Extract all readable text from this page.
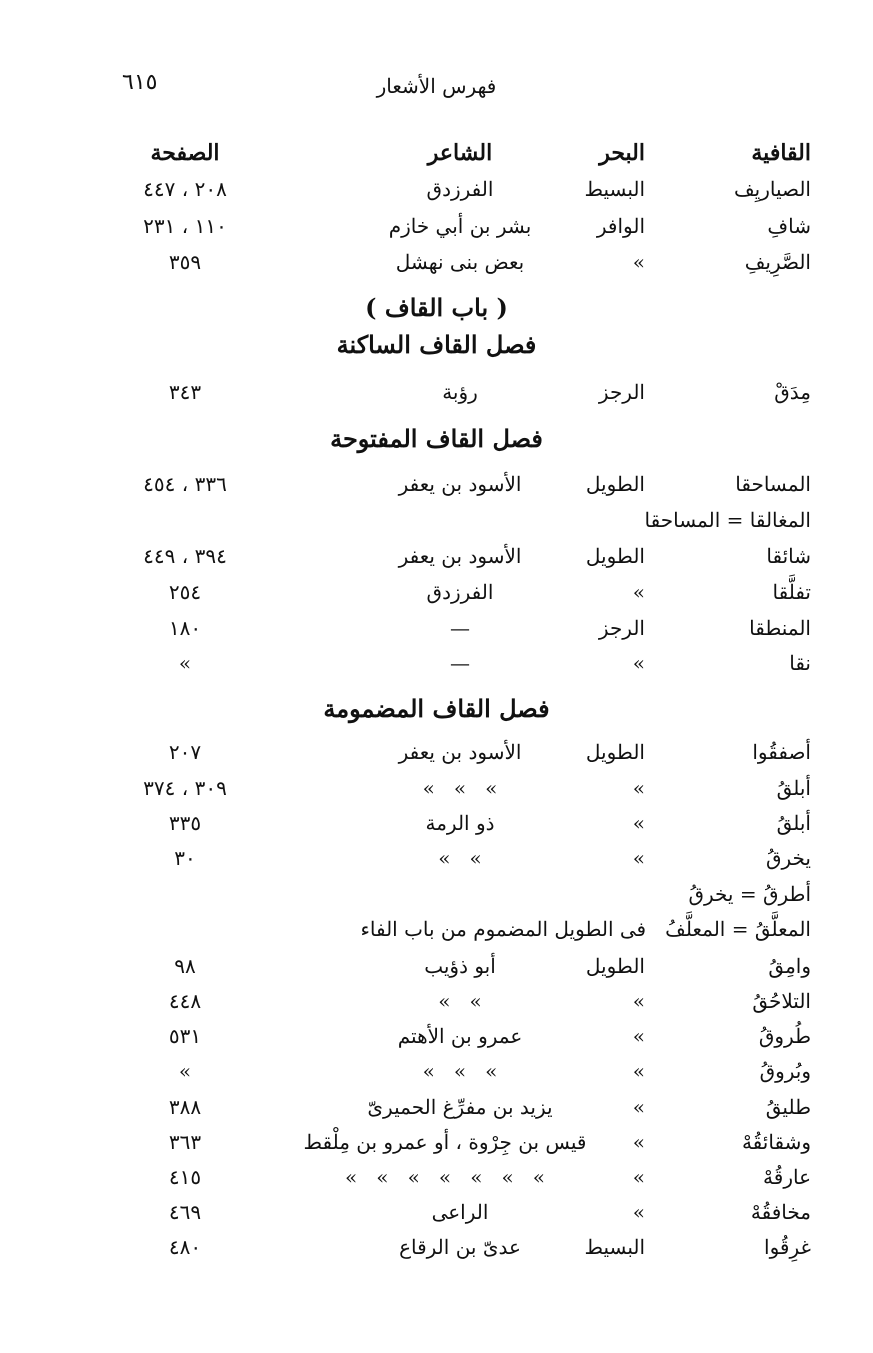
فهرس الأشعار
٦١٥
القافية
البحر
الشاعر
الصفحة
الصياريِف
البسيط
الفرزدق
٢٠٨ ، ٤٤٧
شافِ
الوافر
بشر بن أبي خازم
١١٠ ، ٢٣١
الصَّرِيفِ
»
بعض بنى نهشل
٣٥٩
( باب القاف )
فصل القاف الساكنة
مِدَقْ
الرجز
رؤبة
٣٤٣
فصل القاف المفتوحة
المساحقا
الطويل
الأسود بن يعفر
٣٣٦ ، ٤٥٤
المغالقا = المساحقا
شائقا
الطويل
الأسود بن يعفر
٣٩٤ ، ٤٤٩
تفلَّقا
»
الفرزدق
٢٥٤
المنطقا
الرجز
—
١٨٠
نقا
»
—
»
فصل القاف المضمومة
أصفقُوا
الطويل
الأسود بن يعفر
٢٠٧
أبلقُ
»
»   »   »
٣٠٩ ، ٣٧٤
أبلقُ
»
ذو الرمة
٣٣٥
يخرقُ
»
»   »
٣٠
أطرقُ = يخرقُ
المعلَّقُ = المعلَّفُ   فى الطويل المضموم من باب الفاء
وامِقُ
الطويل
أبو ذؤيب
٩٨
التلاحُقُ
»
»   »
٤٤٨
طُروقُ
»
عمرو بن الأهتم
٥٣١
وبُروقُ
»
»   »   »
»
طليقُ
»
يزيد بن مفرِّغ الحميرىّ
٣٨٨
وشقائقُهْ
»
قيس بن جِرْوة ، أو عمرو بن مِلْقط
٣٦٣
عارقُهْ
»
»   »   »   »   »   »   »
٤١٥
مخافقُهْ
»
الراعى
٤٦٩
غرِقُوا
البسيط
عدىّ بن الرقاع
٤٨٠
